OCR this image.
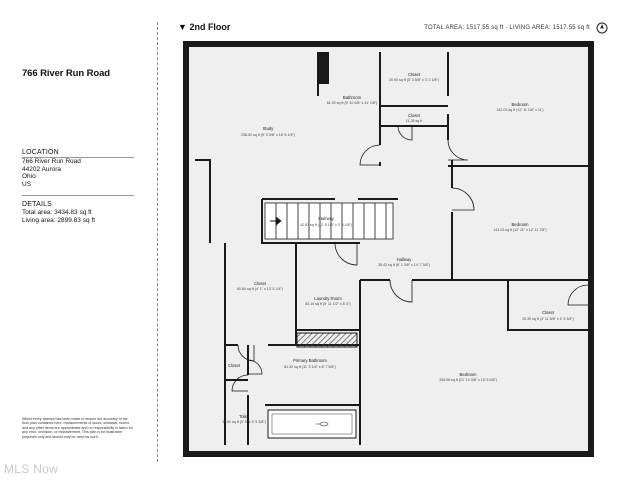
766 River Run Road
LOCATION
766 River Run Road
44202 Aurora
Ohio
US
DETAILS
Total area: 3434.83 sq ft
Living area: 2899.83 sq ft
Whilst every attempt has been made to ensure the accuracy of the floor plan contained here, measurements of doors, windows, rooms and any other items are approximate and no responsibility is taken for any error, omission, or misstatement. This plan is for illustrative purposes only and should only be used as such.
MLS Now
▼ 2nd Floor	TOTAL AREA: 1517.55 sq ft · LIVING AREA: 1517.55 sq ft
Study
238.02 sq ft (9' 3 3/8" x 18' 6 1/4")
Bathroom
61.92 sq ft (5' 10 5/8" x 11' 1/8")
Closet
20.93 sq ft (5' 3 5/8" x 3' 2 1/8")
Closet
11.28 sq ft
Bedroom
142.03 sq ft (12' 11 1/8" x 11')
Stairway
42.87 sq ft (12' 5 1/4" x 3' 5 1/8")	Bedroom
141.03 sq ft (12' 11" x 10' 11 7/8")
Hallway
35.43 sq ft (6' 2 3/8" x 14' 7 3/8")
Closet
60.84 sq ft (4' 1" x 13' 5 1/4")
Laundry Room
63.10 sq ft (5' 11 1/2" x 8' 5")
Closet
20.30 sq ft (3' 11 5/8" x 4' 3 3/8")
Closet
Primary Bathroom
81.32 sq ft (11' 3 1/4" x 8' 7 5/8")
Bedroom
338.96 sq ft (21' 10 3/8" x 15' 6 5/8")
Toilet
11.91 sq ft (3' 5" x 3' 5 3/8")
